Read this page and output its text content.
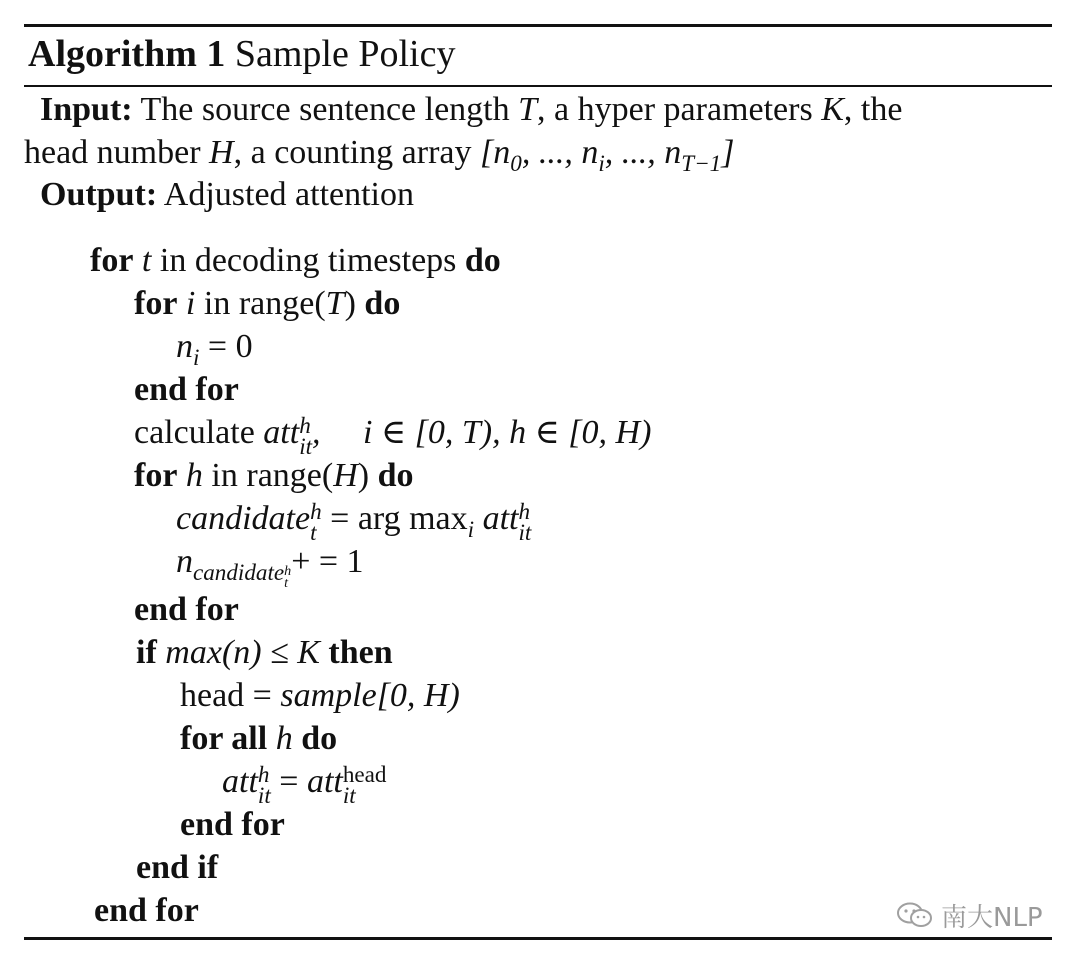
Algorithm 1 Sample Policy
Input: The source sentence length T, a hyper parameters K, the
head number H, a counting array [$n_0$, ..., $n_i$, ..., $n_{T-1}$]
Output: Adjusted attention
for t in decoding timesteps do
for i in range(T) do
$n_i = 0$
end for
calculate att h
it ,     i ∈ [0, T), h ∈ [0, H)
for h in range(H) do
candidate h
t = arg $\max_i$ att h
it
$n_{candidate h t}$
+ = 1
end for
if max(n) ≤ K then
head = sample[0, H)
for all h do
att h
it = att head
it
end for
end if
end for	南大NLP
